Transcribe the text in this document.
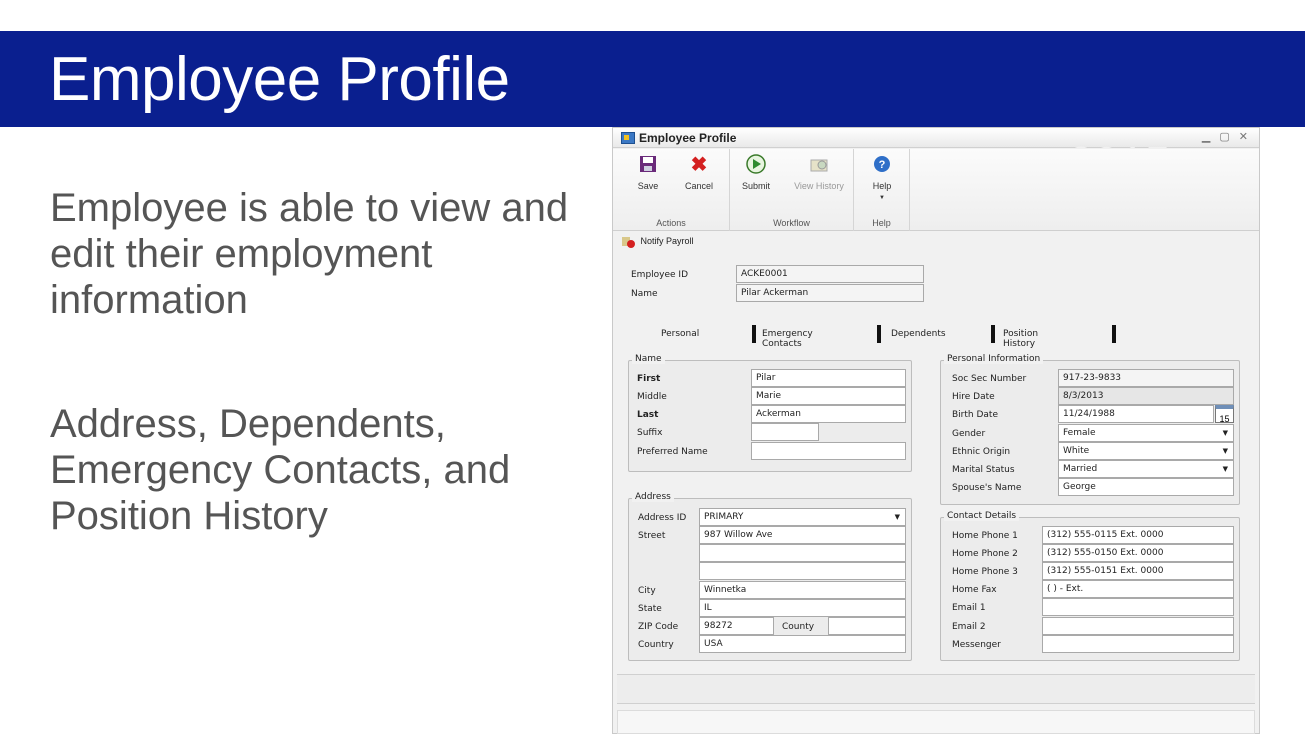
Employee Profile
Employee is able to view and edit their employment information
Address, Dependents, Emergency Contacts, and Position History
Employee Profile	▁ ▢ ✕
Save
✖
Cancel
Actions
Submit	View History
Workflow
?
Help
▼
Help
Notify Payroll
Employee ID	ACKE0001
Name	Pilar Ackerman
Personal	Emergency Contacts
Dependents	Position History
Name
First	Pilar
Middle	Marie
Last	Ackerman
Suffix
Preferred Name
Personal Information
Soc Sec Number	917-23-9833
Hire Date	8/3/2013
Birth Date	11/24/1988	15
Gender	Female ▼
Ethnic Origin	White ▼
Marital Status	Married ▼
Spouse's Name	George
Address
Address ID	PRIMARY ▼
Street	987 Willow Ave
City	Winnetka
State	IL
ZIP Code	98272	County
Country	USA
Contact Details
Home Phone 1	(312) 555-0115 Ext. 0000
Home Phone 2	(312) 555-0150 Ext. 0000
Home Phone 3	(312) 555-0151 Ext. 0000
Home Fax	( ) - Ext.
Email 1
Email 2
Messenger
